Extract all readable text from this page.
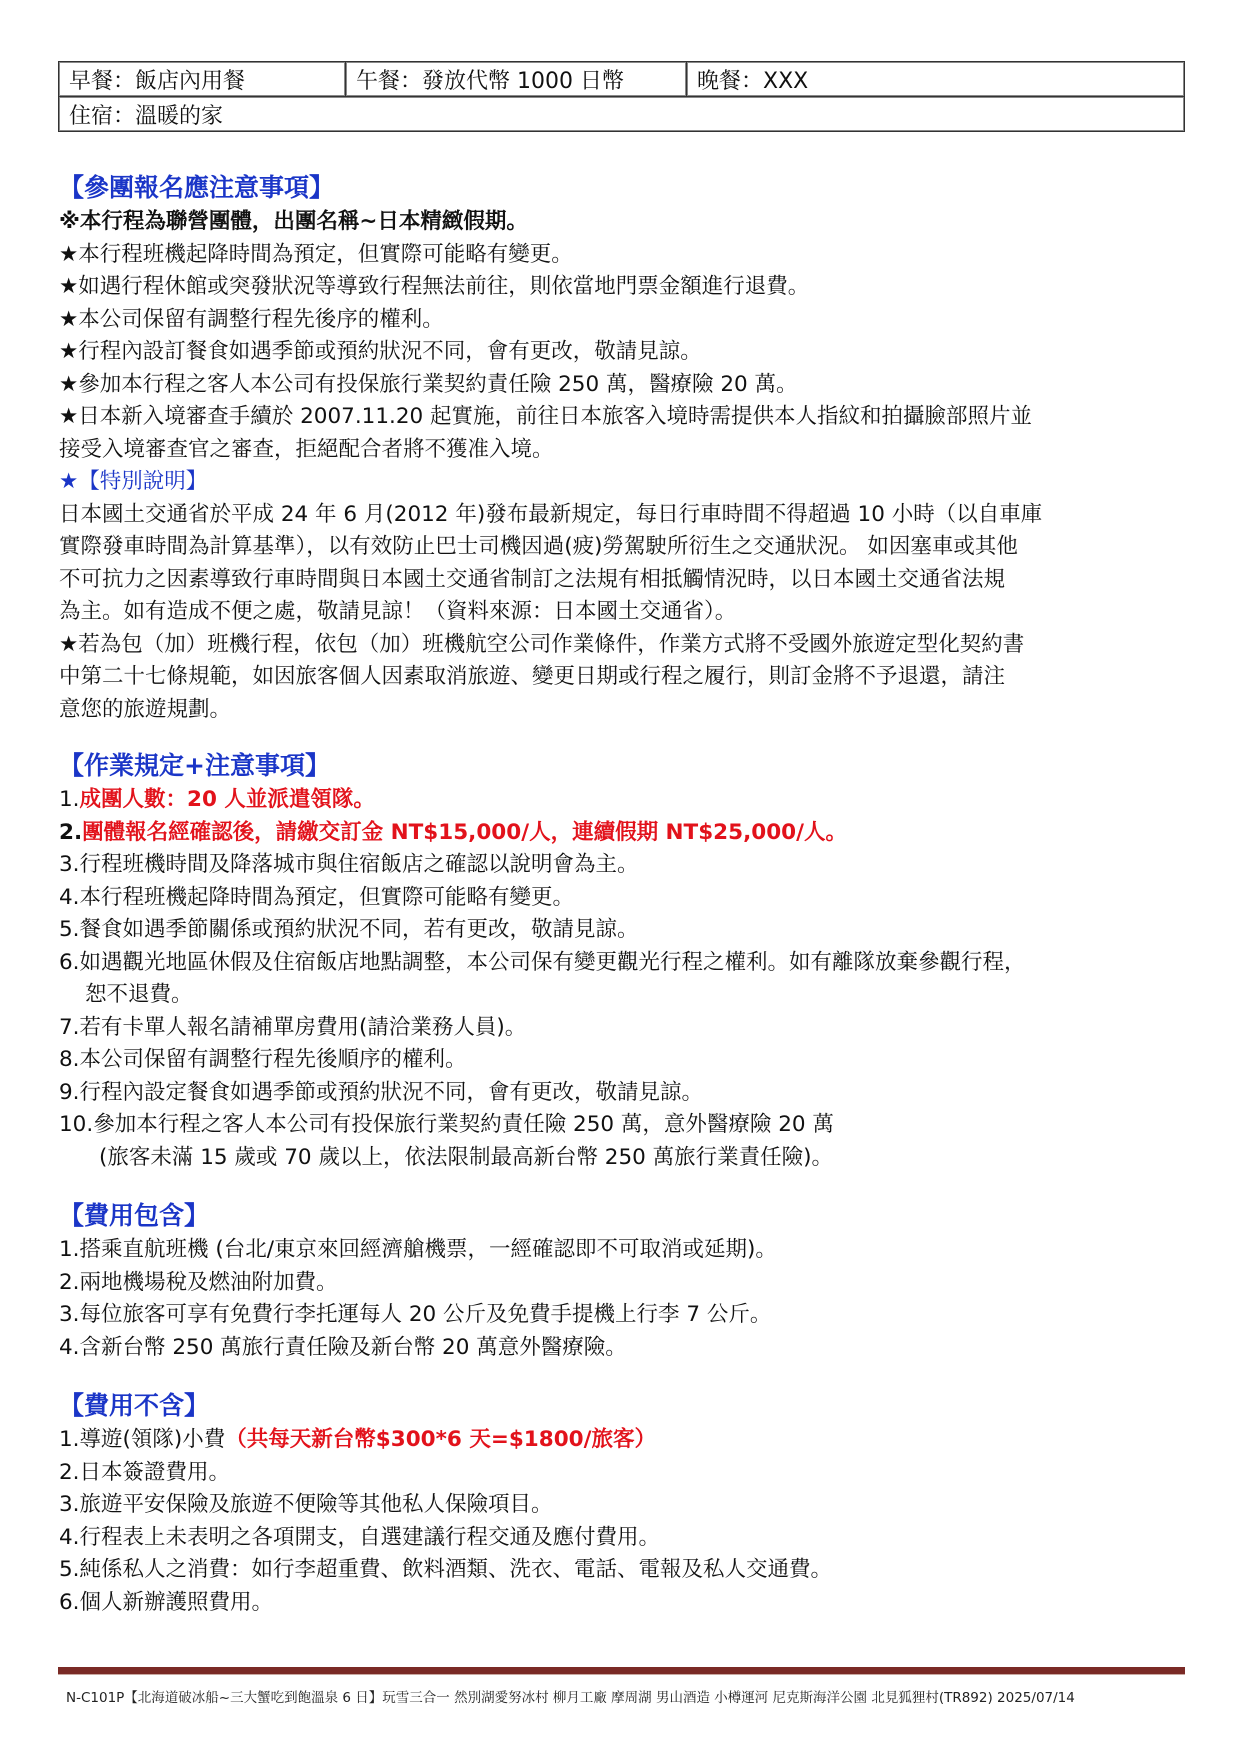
早餐：飯店內用餐	午餐：發放代幣 1000 日幣	晚餐：XXX
住宿：溫暖的家

【參團報名應注意事項】

※本行程為聯營團體，出團名稱~日本精緻假期。

★本行程班機起降時間為預定，但實際可能略有變更。

★如遇行程休館或突發狀況等導致行程無法前往，則依當地門票金額進行退費。

★本公司保留有調整行程先後序的權利。

★行程內設訂餐食如遇季節或預約狀況不同，會有更改，敬請見諒。

★參加本行程之客人本公司有投保旅行業契約責任險 250 萬，醫療險 20 萬。

★日本新入境審查手續於 2007.11.20 起實施，前往日本旅客入境時需提供本人指紋和拍攝臉部照片並

接受入境審查官之審查，拒絕配合者將不獲准入境。

★【特別說明】

日本國土交通省於平成 24 年 6 月(2012 年)發布最新規定，每日行車時間不得超過 10 小時（以自車庫

實際發車時間為計算基準），以有效防止巴士司機因過(疲)勞駕駛所衍生之交通狀況。 如因塞車或其他

不可抗力之因素導致行車時間與日本國土交通省制訂之法規有相抵觸情況時，以日本國土交通省法規

為主。如有造成不便之處，敬請見諒！（資料來源：日本國土交通省）。

★若為包（加）班機行程，依包（加）班機航空公司作業條件，作業方式將不受國外旅遊定型化契約書

中第二十七條規範，如因旅客個人因素取消旅遊、變更日期或行程之履行，則訂金將不予退還，請注

意您的旅遊規劃。

【作業規定+注意事項】

1.成團人數：20 人並派遣領隊。

2.團體報名經確認後，請繳交訂金 NT$15,000/人，連續假期 NT$25,000/人。

3.行程班機時間及降落城市與住宿飯店之確認以說明會為主。

4.本行程班機起降時間為預定，但實際可能略有變更。

5.餐食如遇季節關係或預約狀況不同，若有更改，敬請見諒。

6.如遇觀光地區休假及住宿飯店地點調整，本公司保有變更觀光行程之權利。如有離隊放棄參觀行程，

恕不退費。

7.若有卡單人報名請補單房費用(請洽業務人員)。

8.本公司保留有調整行程先後順序的權利。

9.行程內設定餐食如遇季節或預約狀況不同，會有更改，敬請見諒。

10.參加本行程之客人本公司有投保旅行業契約責任險 250 萬，意外醫療險 20 萬

(旅客未滿 15 歲或 70 歲以上，依法限制最高新台幣 250 萬旅行業責任險)。

【費用包含】

1.搭乘直航班機 (台北/東京來回經濟艙機票，一經確認即不可取消或延期)。

2.兩地機場稅及燃油附加費。

3.每位旅客可享有免費行李托運每人 20 公斤及免費手提機上行李 7 公斤。

4.含新台幣 250 萬旅行責任險及新台幣 20 萬意外醫療險。

【費用不含】

1.導遊(領隊)小費（共每天新台幣$300*6 天=$1800/旅客）

2.日本簽證費用。

3.旅遊平安保險及旅遊不便險等其他私人保險項目。

4.行程表上未表明之各項開支，自選建議行程交通及應付費用。

5.純係私人之消費：如行李超重費、飲料酒類、洗衣、電話、電報及私人交通費。

6.個人新辦護照費用。

N-C101P【北海道破冰船~三大蟹吃到飽溫泉 6 日】玩雪三合一 然別湖愛努冰村 柳月工廠 摩周湖 男山酒造 小樽運河 尼克斯海洋公園 北見狐狸村(TR892) 2025/07/14
